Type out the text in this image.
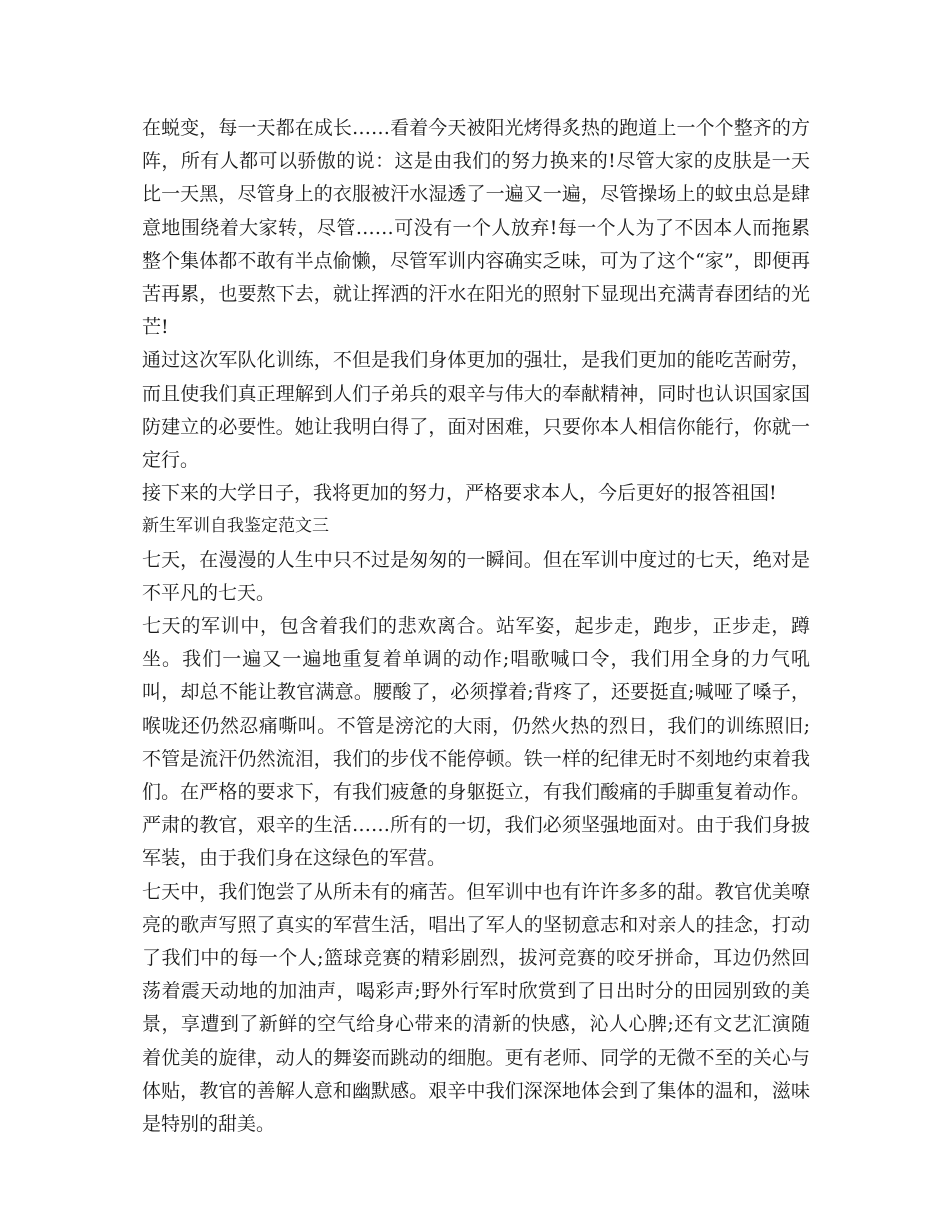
在蜕变，每一天都在成长……看着今天被阳光烤得炙热的跑道上一个个整齐的方阵，所有人都可以骄傲的说：这是由我们的努力换来的!尽管大家的皮肤是一天比一天黑，尽管身上的衣服被汗水湿透了一遍又一遍，尽管操场上的蚊虫总是肆意地围绕着大家转，尽管……可没有一个人放弃!每一个人为了不因本人而拖累整个集体都不敢有半点偷懒，尽管军训内容确实乏味，可为了这个“家”，即便再苦再累，也要熬下去，就让挥洒的汗水在阳光的照射下显现出充满青春团结的光芒!

通过这次军队化训练，不但是我们身体更加的强壮，是我们更加的能吃苦耐劳，而且使我们真正理解到人们子弟兵的艰辛与伟大的奉献精神，同时也认识国家国防建立的必要性。她让我明白得了，面对困难，只要你本人相信你能行，你就一定行。

接下来的大学日子，我将更加的努力，严格要求本人，今后更好的报答祖国!

新生军训自我鉴定范文三

七天，在漫漫的人生中只不过是匆匆的一瞬间。但在军训中度过的七天，绝对是不平凡的七天。

七天的军训中，包含着我们的悲欢离合。站军姿，起步走，跑步，正步走，蹲坐。我们一遍又一遍地重复着单调的动作;唱歌喊口令，我们用全身的力气吼叫，却总不能让教官满意。腰酸了，必须撑着;背疼了，还要挺直;喊哑了嗓子，喉咙还仍然忍痛嘶叫。不管是滂沱的大雨，仍然火热的烈日，我们的训练照旧;不管是流汗仍然流泪，我们的步伐不能停顿。铁一样的纪律无时不刻地约束着我们。在严格的要求下，有我们疲惫的身躯挺立，有我们酸痛的手脚重复着动作。严肃的教官，艰辛的生活……所有的一切，我们必须坚强地面对。由于我们身披军装，由于我们身在这绿色的军营。

七天中，我们饱尝了从所未有的痛苦。但军训中也有许许多多的甜。教官优美嘹亮的歌声写照了真实的军营生活，唱出了军人的坚韧意志和对亲人的挂念，打动了我们中的每一个人;篮球竞赛的精彩剧烈，拔河竞赛的咬牙拼命，耳边仍然回荡着震天动地的加油声，喝彩声;野外行军时欣赏到了日出时分的田园别致的美景，享遭到了新鲜的空气给身心带来的清新的快感，沁人心脾;还有文艺汇演随着优美的旋律，动人的舞姿而跳动的细胞。更有老师、同学的无微不至的关心与体贴，教官的善解人意和幽默感。艰辛中我们深深地体会到了集体的温和，滋味是特别的甜美。
